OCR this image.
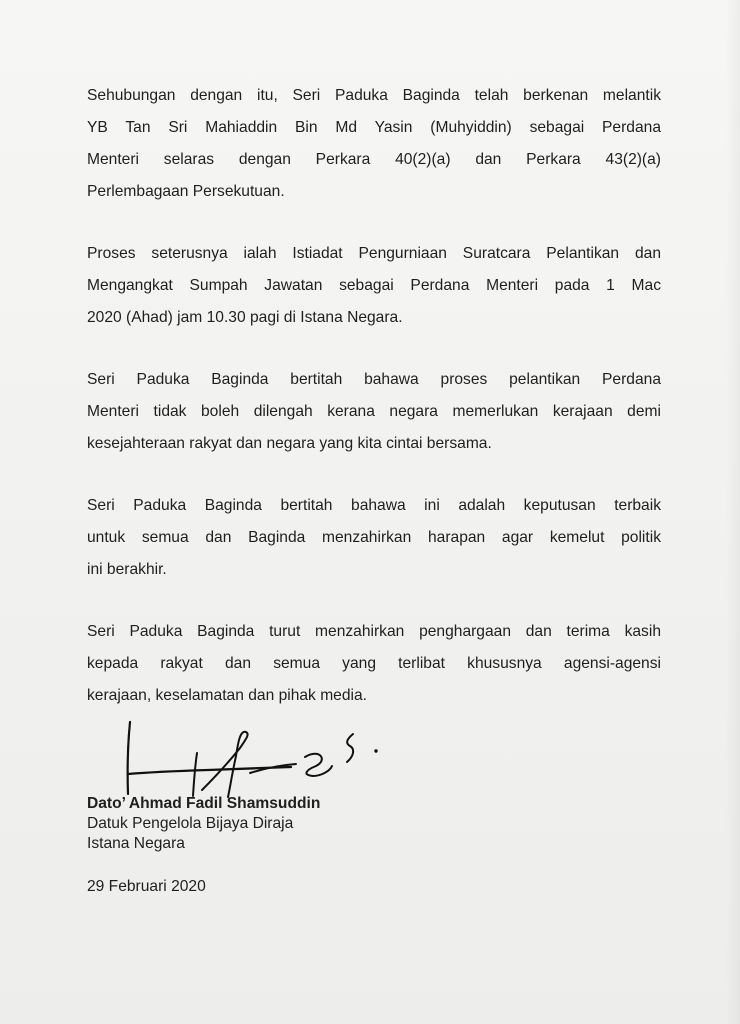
Sehubungan dengan itu, Seri Paduka Baginda telah berkenan melantik
YB Tan Sri Mahiaddin Bin Md Yasin (Muhyiddin) sebagai Perdana
Menteri selaras dengan Perkara 40(2)(a) dan Perkara 43(2)(a)
Perlembagaan Persekutuan.

Proses seterusnya ialah Istiadat Pengurniaan Suratcara Pelantikan dan
Mengangkat Sumpah Jawatan sebagai Perdana Menteri pada 1 Mac
2020 (Ahad) jam 10.30 pagi di Istana Negara.

Seri Paduka Baginda bertitah bahawa proses pelantikan Perdana
Menteri tidak boleh dilengah kerana negara memerlukan kerajaan demi
kesejahteraan rakyat dan negara yang kita cintai bersama.

Seri Paduka Baginda bertitah bahawa ini adalah keputusan terbaik
untuk semua dan Baginda menzahirkan harapan agar kemelut politik
ini berakhir.

Seri Paduka Baginda turut menzahirkan penghargaan dan terima kasih
kepada rakyat dan semua yang terlibat khususnya agensi-agensi
kerajaan, keselamatan dan pihak media.

Dato’ Ahmad Fadil Shamsuddin

Datuk Pengelola Bijaya Diraja

Istana Negara

29 Februari 2020
